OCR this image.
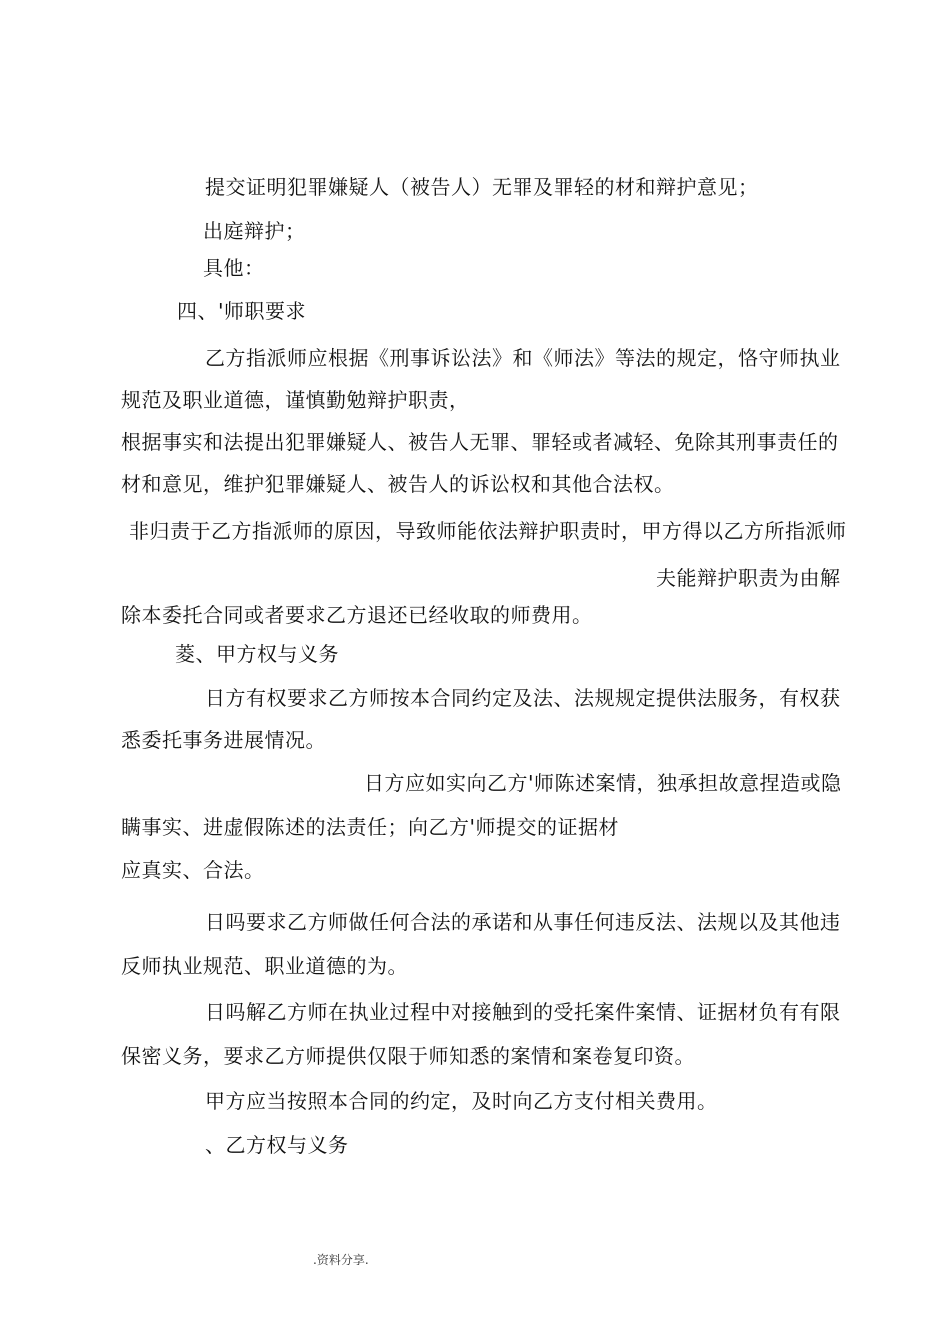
提交证明犯罪嫌疑人（被告人）无罪及罪轻的材和辩护意见；
出庭辩护；
具他：
四、'师职要求
乙方指派师应根据《刑事诉讼法》和《师法》等法的规定，恪守师执业
规范及职业道德，谨慎勤勉辩护职责，
根据事实和法提出犯罪嫌疑人、被告人无罪、罪轻或者减轻、免除其刑事责任的
材和意见，维护犯罪嫌疑人、被告人的诉讼权和其他合法权。
非归责于乙方指派师的原因，导致师能依法辩护职责时，甲方得以乙方所指派师
夫能辩护职责为由解
除本委托合同或者要求乙方退还已经收取的师费用。
菱、甲方权与义务
日方有权要求乙方师按本合同约定及法、法规规定提供法服务，有权获
悉委托事务进展情况。
日方应如实向乙方'师陈述案情，独承担故意捏造或隐
瞒事实、进虚假陈述的法责任；向乙方'师提交的证据材
应真实、合法。
日吗要求乙方师做任何合法的承诺和从事任何违反法、法规以及其他违
反师执业规范、职业道德的为。
日吗解乙方师在执业过程中对接触到的受托案件案情、证据材负有有限
保密义务，要求乙方师提供仅限于师知悉的案情和案卷复印资。
甲方应当按照本合同的约定，及时向乙方支付相关费用。
、乙方权与义务
.资料分享.
